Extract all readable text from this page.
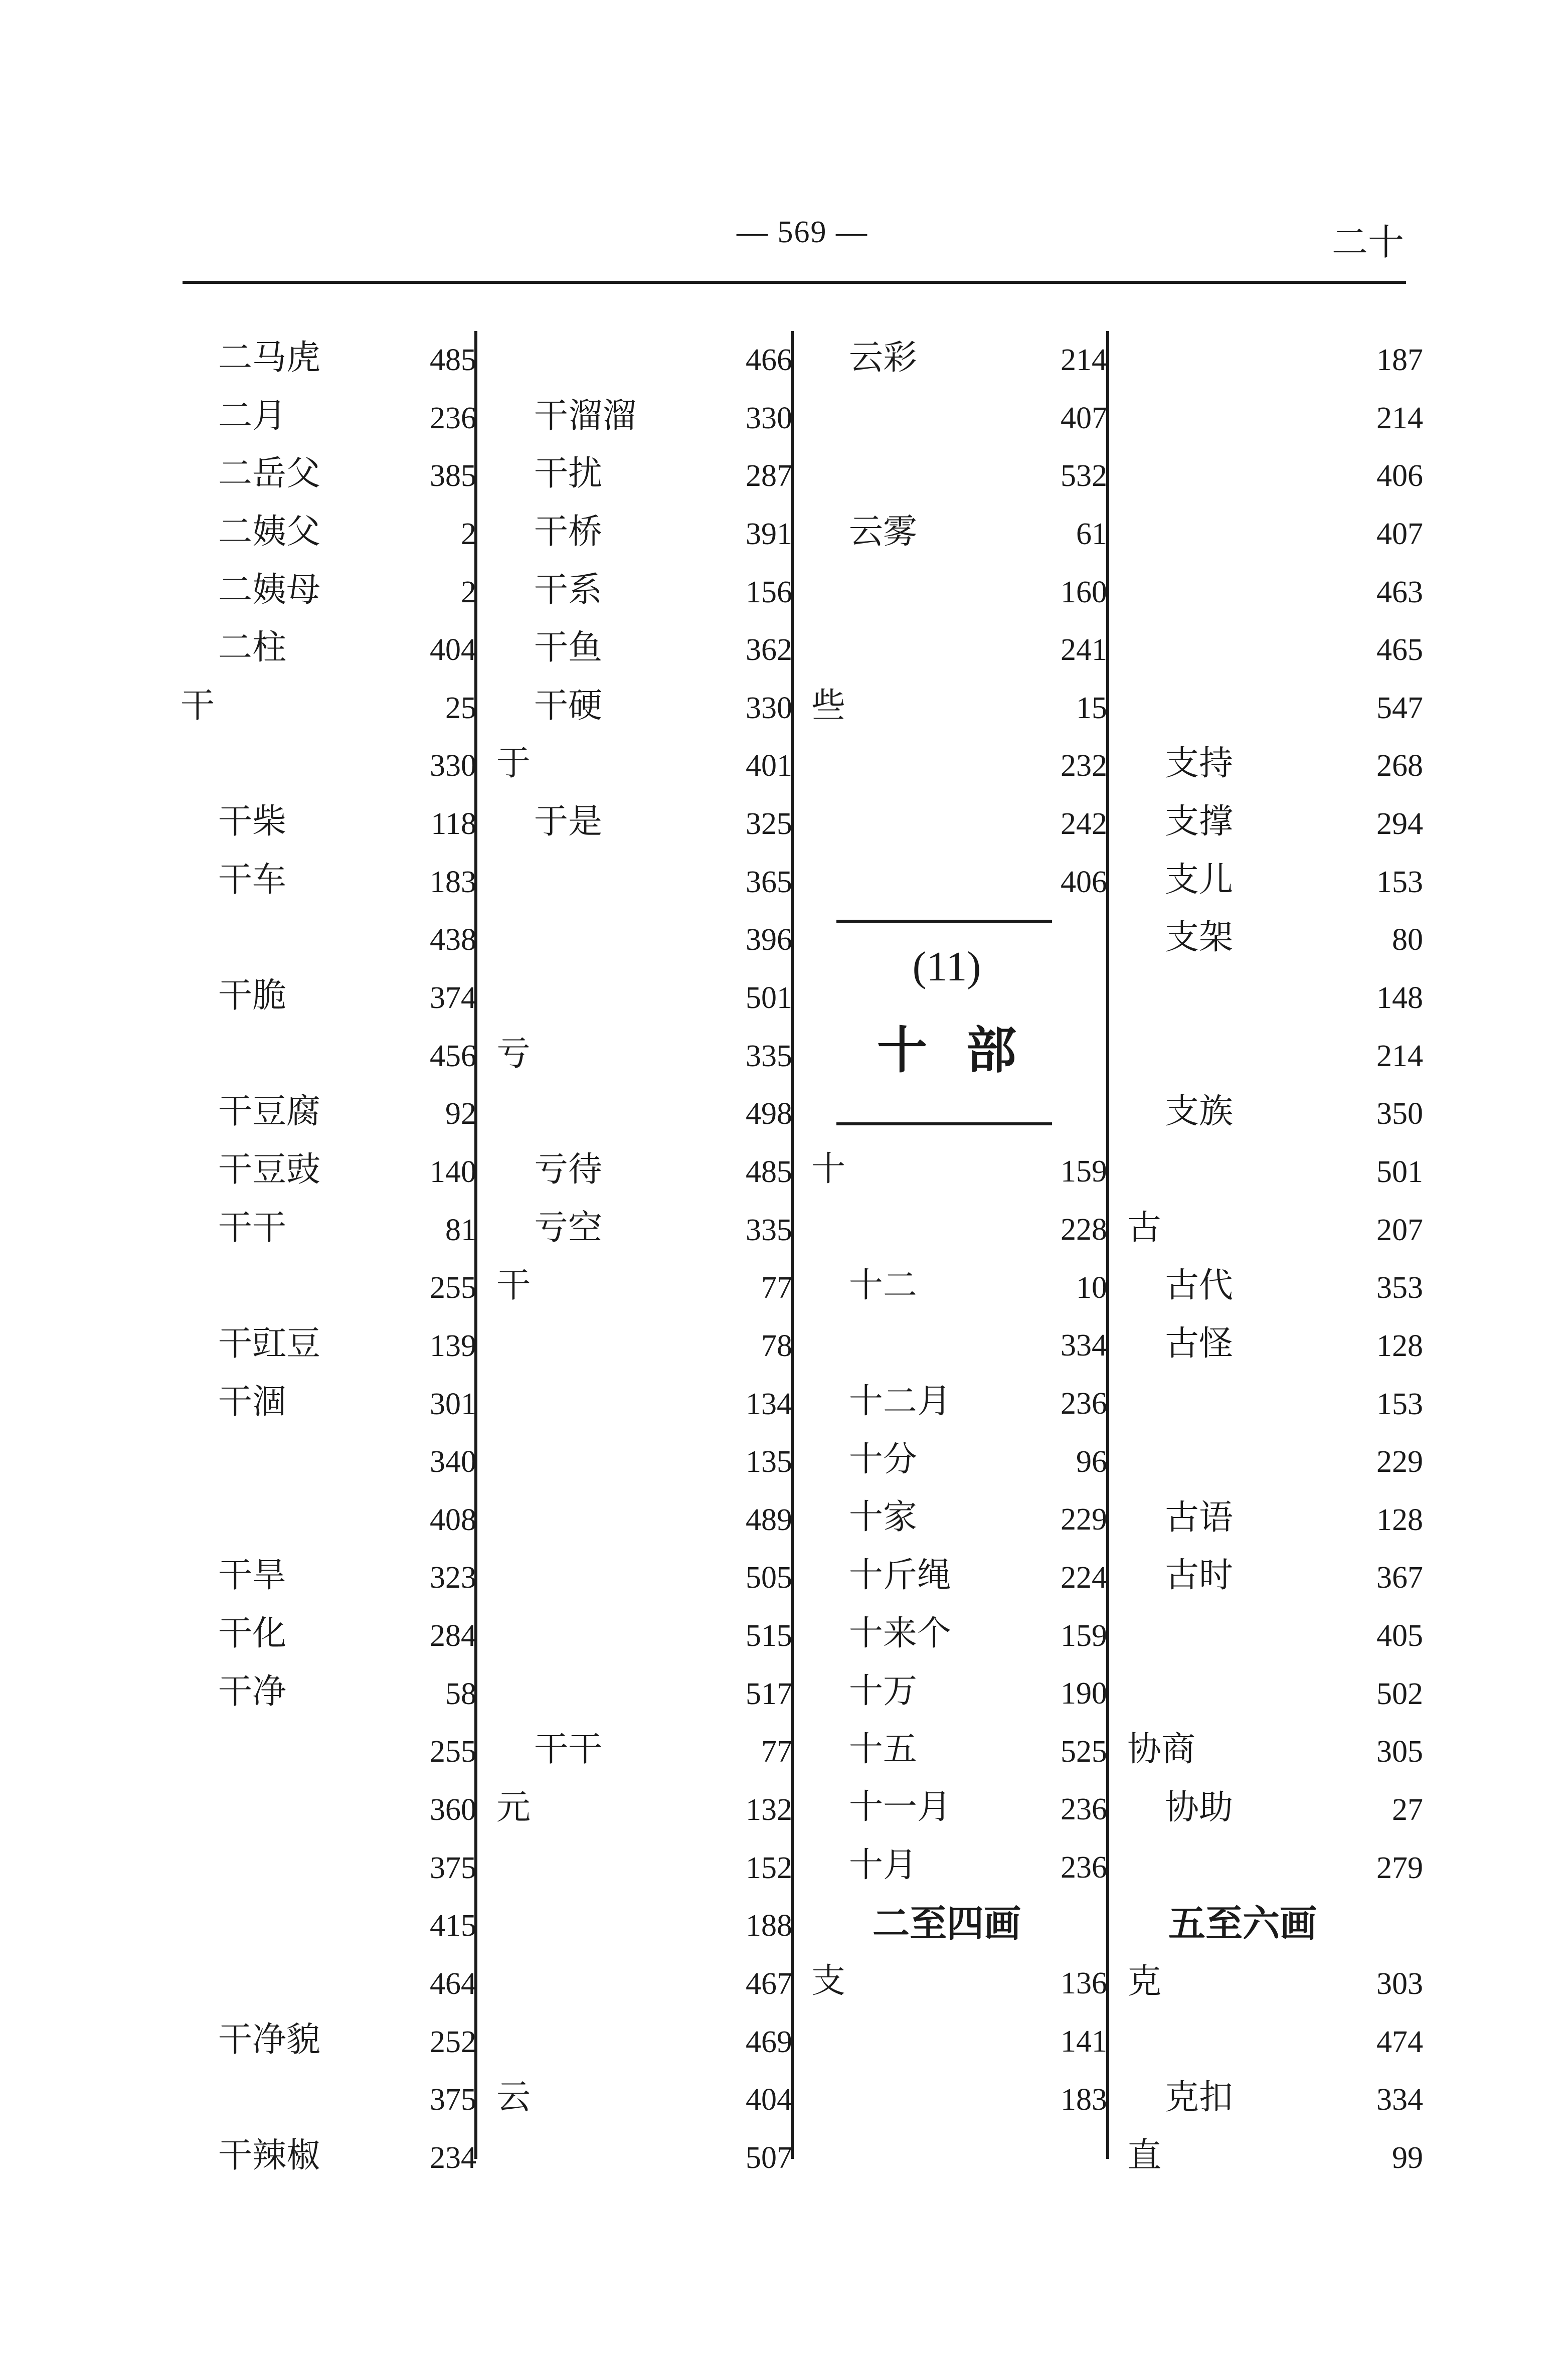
— 569 —	二十
二马虎	485
二月	236
二岳父	385
二姨父	2
二姨母	2
二柱	404
干	25
330
干柴	118
干车	183
438
干脆	374
456
干豆腐	92
干豆豉	140
干干	81
255
干豇豆	139
干涸	301
340
408
干旱	323
干化	284
干净	58
255
360
375
415
464
干净貌	252
375
干辣椒	234
466
干溜溜	330
干扰	287
干桥	391
干系	156
干鱼	362
干硬	330
于	401
于是	325
365
396
501
亏	335
498
亏待	485
亏空	335
干	77
78
134
135
489
505
515
517
干干	77
元	132
152
188
467
469
云	404
507
云彩	214
407
532
云雾	61
160
241
些	15
232
242
406
(11)
十部
十	159
228
十二	10
334
十二月	236
十分	96
十家	229
十斤绳	224
十来个	159
十万	190
十五	525
十一月	236
十月	236
二至四画
支	136
141
183
187
214
406
407
463
465
547
支持	268
支撑	294
支儿	153
支架	80
148
214
支族	350
501
古	207
古代	353
古怪	128
153
229
古语	128
古时	367
405
502
协商	305
协助	27
279
五至六画
克	303
474
克扣	334
直	99
